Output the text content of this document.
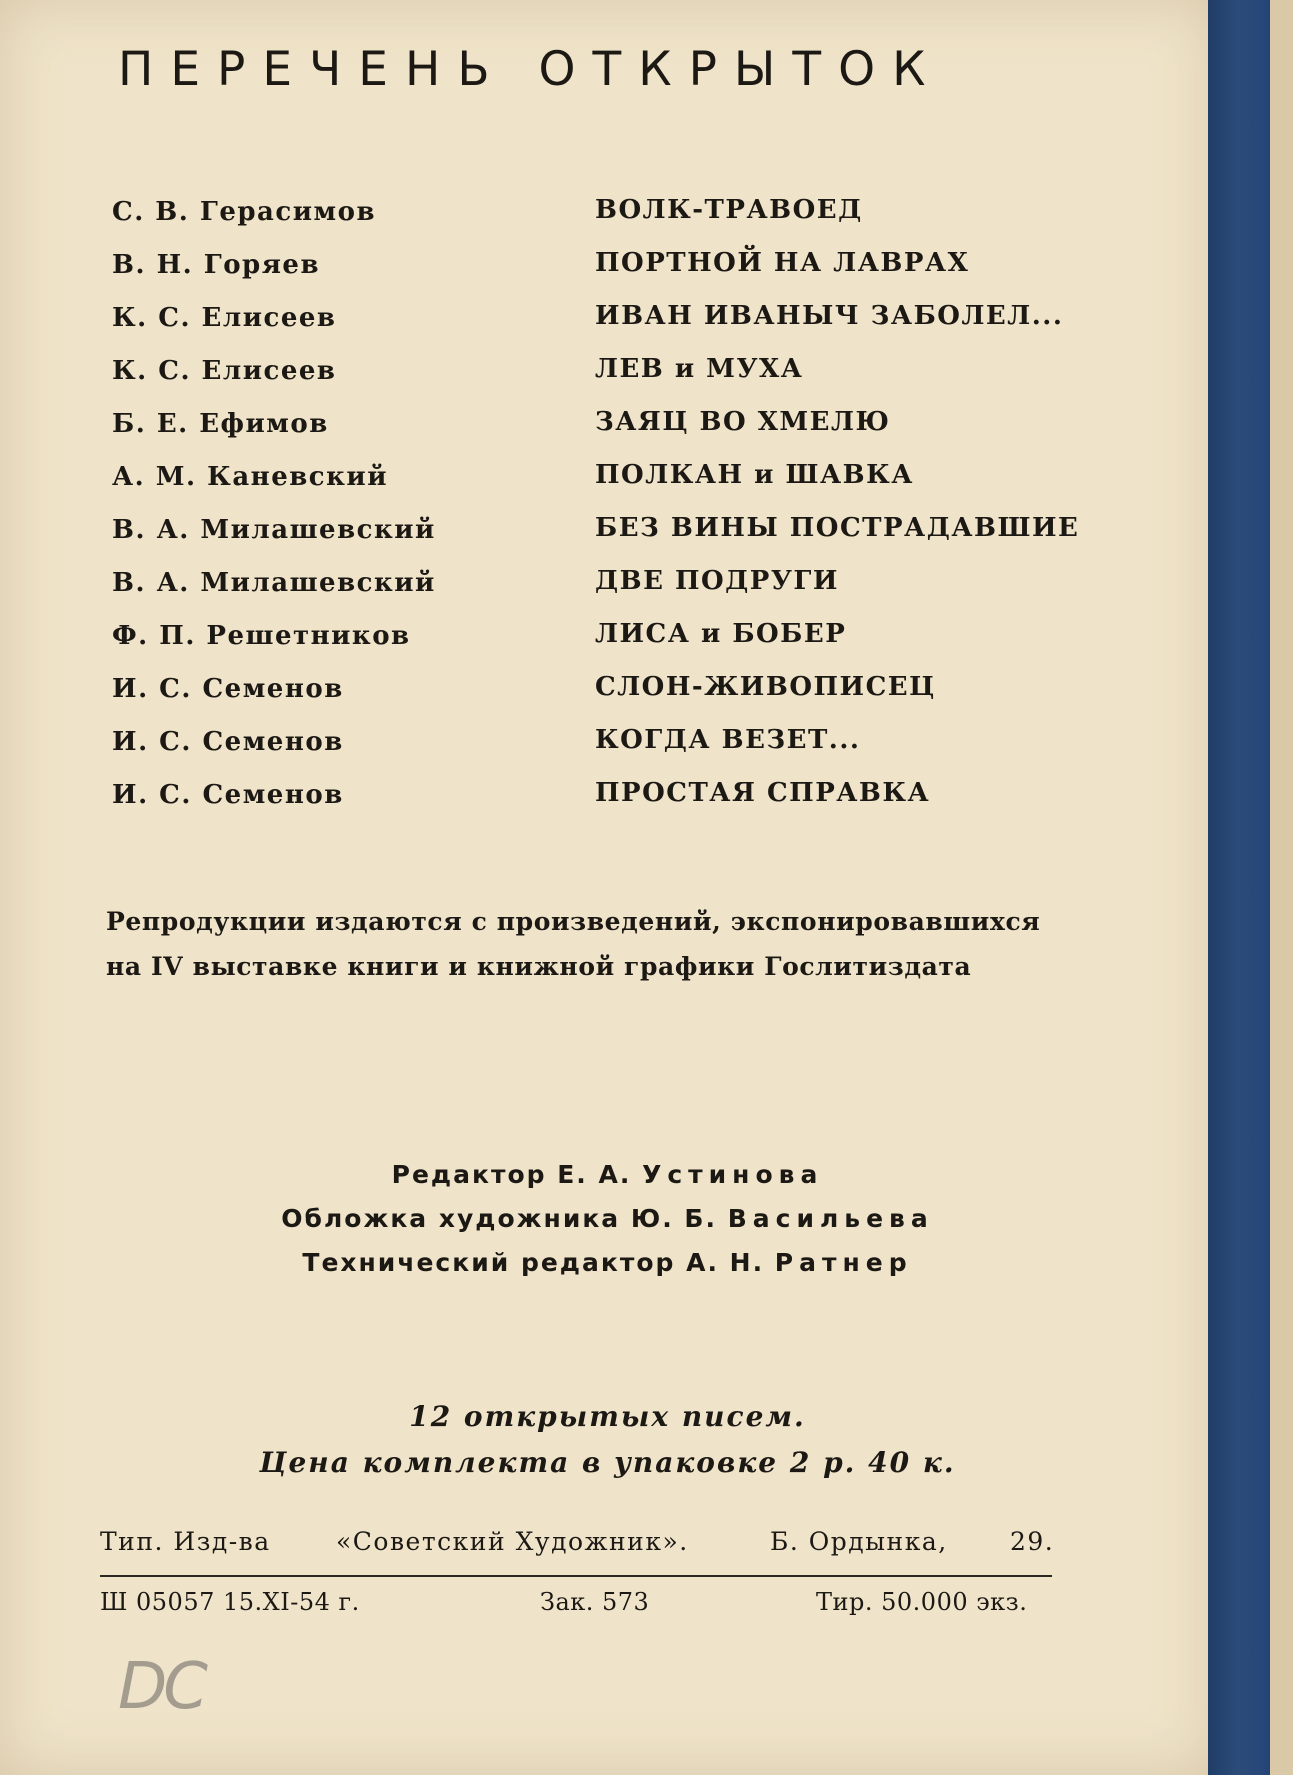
ПЕРЕЧЕНЬ ОТКРЫТОК
С. В. Герасимов	ВОЛК-ТРАВОЕД
В. Н. Горяев	ПОРТНОЙ НА ЛАВРАХ
К. С. Елисеев	ИВАН ИВАНЫЧ ЗАБОЛЕЛ...
К. С. Елисеев	ЛЕВ и МУХА
Б. Е. Ефимов	ЗАЯЦ ВО ХМЕЛЮ
А. М. Каневский	ПОЛКАН и ШАВКА
В. А. Милашевский	БЕЗ ВИНЫ ПОСТРАДАВШИЕ
В. А. Милашевский	ДВЕ ПОДРУГИ
Ф. П. Решетников	ЛИСА и БОБЕР
И. С. Семенов	СЛОН-ЖИВОПИСЕЦ
И. С. Семенов	КОГДА ВЕЗЕТ...
И. С. Семенов	ПРОСТАЯ СПРАВКА
Репродукции издаются с произведений, экспонировавшихся
на IV выставке книги и книжной графики Гослитиздата
Редактор Е. А. Устинова
Обложка художника Ю. Б. Васильева
Технический редактор А. Н. Ратнер
12 открытых писем.
Цена комплекта в упаковке 2 р. 40 к.
Тип. Изд-ва	«Советский Художник».	Б. Ордынка, 29.
Ш 05057 15.XI-54 г.	Зак. 573	Тир. 50.000 экз.
DC
